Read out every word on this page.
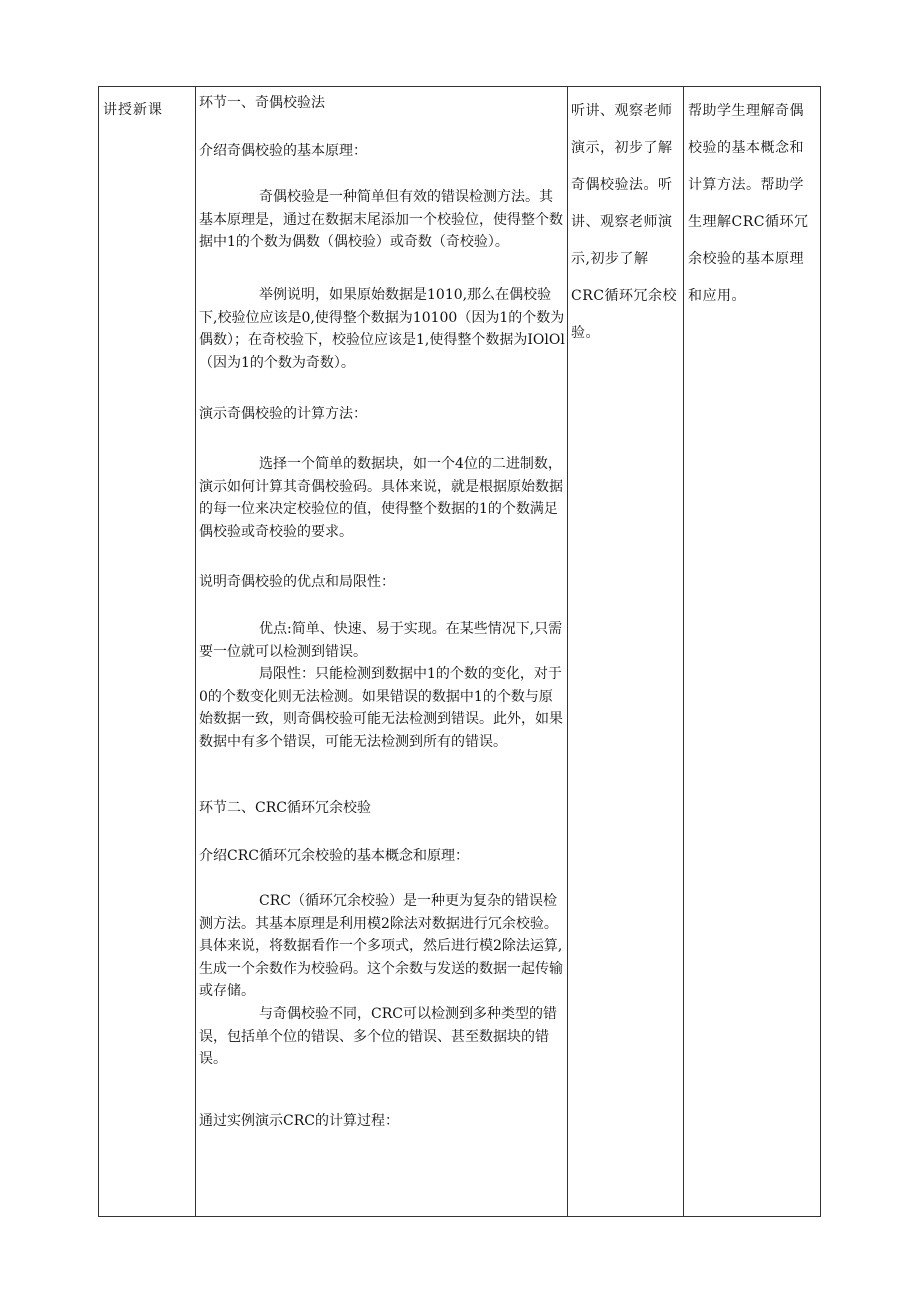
讲授新课	环节一、奇偶校验法
介绍奇偶校验的基本原理：
奇偶校验是一种简单但有效的错误检测方法。其基本原理是，通过在数据末尾添加一个校验位，使得整个数据中1的个数为偶数（偶校验）或奇数（奇校验）。
举例说明，如果原始数据是1010,那么在偶校验下,校验位应该是0,使得整个数据为10100（因为1的个数为偶数）；在奇校验下，校验位应该是1,使得整个数据为IOlOl（因为1的个数为奇数）。
演示奇偶校验的计算方法：
选择一个简单的数据块，如一个4位的二进制数，演示如何计算其奇偶校验码。具体来说，就是根据原始数据的每一位来决定校验位的值，使得整个数据的1的个数满足偶校验或奇校验的要求。
说明奇偶校验的优点和局限性：
优点:简单、快速、易于实现。在某些情况下,只需要一位就可以检测到错误。
局限性：只能检测到数据中1的个数的变化，对于0的个数变化则无法检测。如果错误的数据中1的个数与原始数据一致，则奇偶校验可能无法检测到错误。此外，如果数据中有多个错误，可能无法检测到所有的错误。
环节二、CRC循环冗余校验
介绍CRC循环冗余校验的基本概念和原理：
CRC（循环冗余校验）是一种更为复杂的错误检测方法。其基本原理是利用模2除法对数据进行冗余校验。具体来说，将数据看作一个多项式，然后进行模2除法运算,生成一个余数作为校验码。这个余数与发送的数据一起传输或存储。
与奇偶校验不同，CRC可以检测到多种类型的错误，包括单个位的错误、多个位的错误、甚至数据块的错误。
通过实例演示CRC的计算过程：
听讲、观察老师演示，初步了解奇偶校验法。听讲、观察老师演示,初步了解CRC循环冗余校验。
帮助学生理解奇偶校验的基本概念和计算方法。帮助学生理解CRC循环冗余校验的基本原理和应用。
